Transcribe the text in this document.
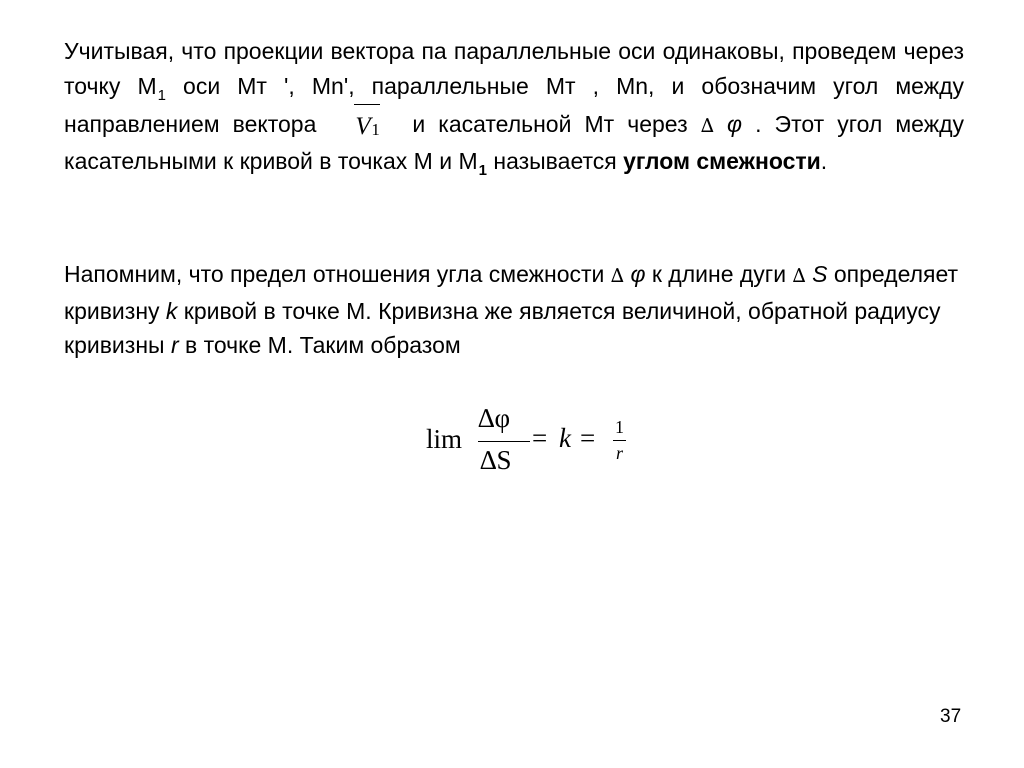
Учитывая, что проекции вектора па параллельные оси одинаковы, проведем через точку $М_1$ оси Мт ', Мn', параллельные Мт , Мn, и обозначим угол между направлением вектора V 1 и касательной Мт через ∆ φ . Этот угол между касательными к кривой в точках М и $М_1$ называется углом смежности.

Напомним, что предел отношения угла смежности ∆ φ к длине дуги ∆ S определяет кривизну k кривой в точке М. Кривизна же является величиной, обратной радиусу кривизны r в точке М. Таким образом

lim
∆φ
∆S
= k = 1
r
37
